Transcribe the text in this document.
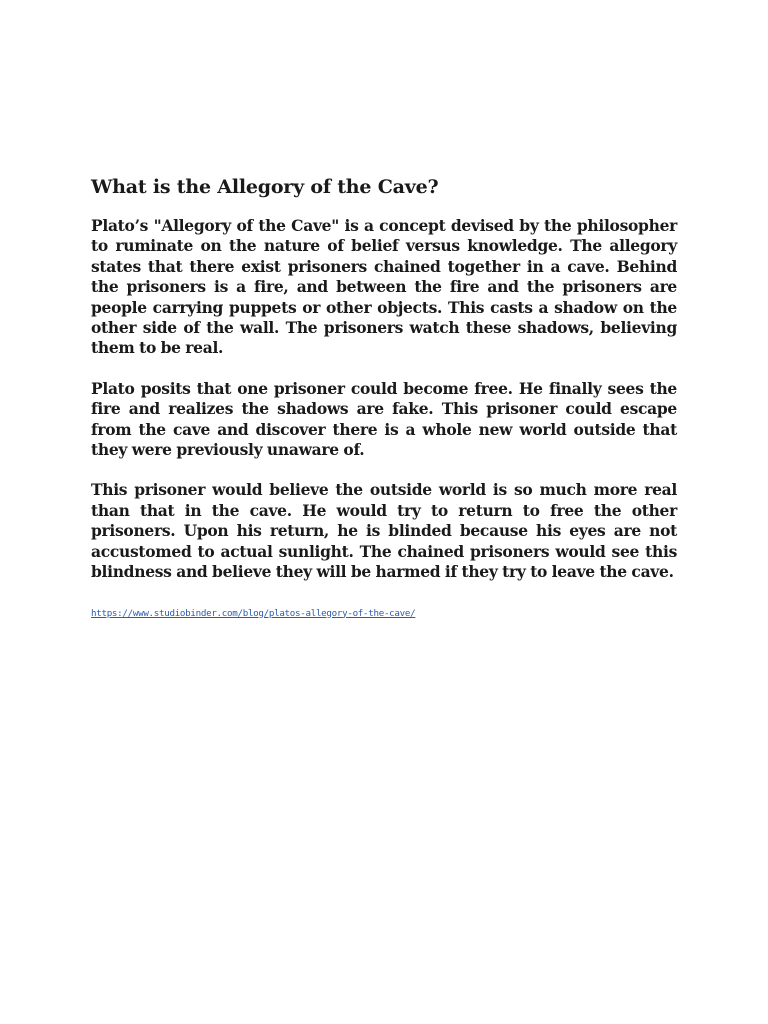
What is the Allegory of the Cave?

Plato’s "Allegory of the Cave" is a concept devised by the philosopher to ruminate on the nature of belief versus knowledge. The allegory states that there exist prisoners chained together in a cave. Behind the prisoners is a fire, and between the fire and the prisoners are people carrying puppets or other objects. This casts a shadow on the other side of the wall. The prisoners watch these shadows, believing them to be real.

Plato posits that one prisoner could become free. He finally sees the fire and realizes the shadows are fake. This prisoner could escape from the cave and discover there is a whole new world outside that they were previously unaware of.

This prisoner would believe the outside world is so much more real than that in the cave. He would try to return to free the other prisoners. Upon his return, he is blinded because his eyes are not accustomed to actual sunlight. The chained prisoners would see this blindness and believe they will be harmed if they try to leave the cave.

https://www.studiobinder.com/blog/platos-allegory-of-the-cave/
